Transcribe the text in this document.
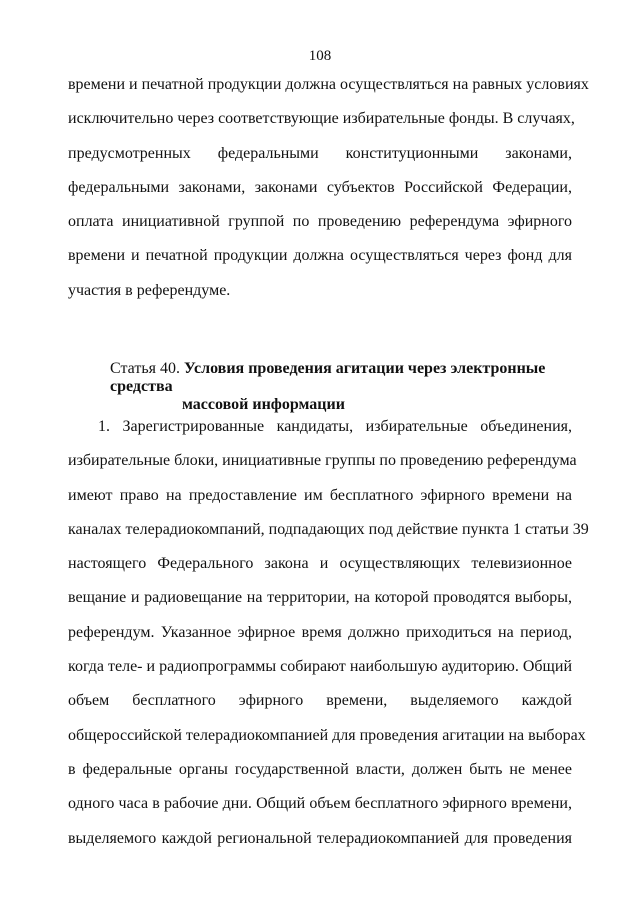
108
времени и печатной продукции должна осуществляться на равных условиях
исключительно через соответствующие избирательные фонды. В случаях,
предусмотренных федеральными конституционными законами,
федеральными законами, законами субъектов Российской Федерации,
оплата инициативной группой по проведению референдума эфирного
времени и печатной продукции должна осуществляться через фонд для
участия в референдуме.
Статья 40. Условия проведения агитации через электронные средства
массовой информации
1. Зарегистрированные кандидаты, избирательные объединения,
избирательные блоки, инициативные группы по проведению референдума
имеют право на предоставление им бесплатного эфирного времени на
каналах телерадиокомпаний, подпадающих под действие пункта 1 статьи 39
настоящего Федерального закона и осуществляющих телевизионное
вещание и радиовещание на территории, на которой проводятся выборы,
референдум. Указанное эфирное время должно приходиться на период,
когда теле- и радиопрограммы собирают наибольшую аудиторию. Общий
объем бесплатного эфирного времени, выделяемого каждой
общероссийской телерадиокомпанией для проведения агитации на выборах
в федеральные органы государственной власти, должен быть не менее
одного часа в рабочие дни. Общий объем бесплатного эфирного времени,
выделяемого каждой региональной телерадиокомпанией для проведения
